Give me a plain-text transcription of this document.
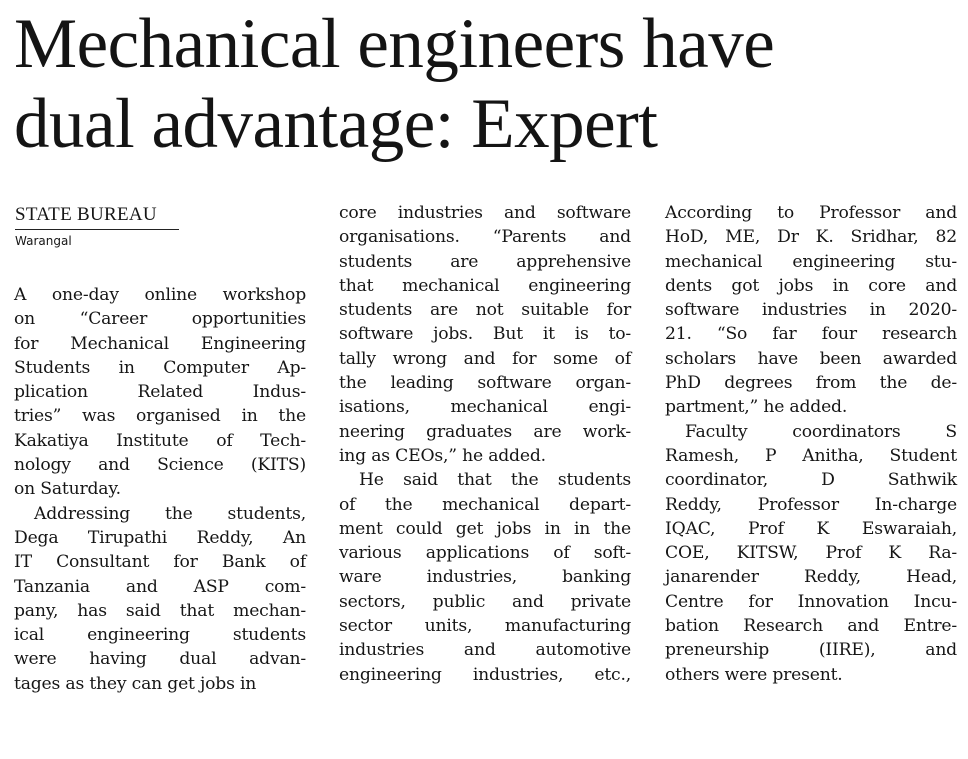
Mechanical engineers have
dual advantage: Expert
STATE BUREAU
Warangal
A one-day online workshop
on “Career opportunities
for Mechanical Engineering
Students in Computer Ap-
plication Related Indus-
tries” was organised in the
Kakatiya Institute of Tech-
nology and Science (KITS)
on Saturday.
Addressing the students,
Dega Tirupathi Reddy, An
IT Consultant for Bank of
Tanzania and ASP com-
pany, has said that mechan-
ical engineering students
were having dual advan-
tages as they can get jobs in
core industries and software
organisations. “Parents and
students are apprehensive
that mechanical engineering
students are not suitable for
software jobs. But it is to-
tally wrong and for some of
the leading software organ-
isations, mechanical engi-
neering graduates are work-
ing as CEOs,” he added.
He said that the students
of the mechanical depart-
ment could get jobs in in the
various applications of soft-
ware industries, banking
sectors, public and private
sector units, manufacturing
industries and automotive
engineering industries, etc.,
According to Professor and
HoD, ME, Dr K. Sridhar, 82
mechanical engineering stu-
dents got jobs in core and
software industries in 2020-
21. “So far four research
scholars have been awarded
PhD degrees from the de-
partment,” he added.
Faculty coordinators S
Ramesh, P Anitha, Student
coordinator, D Sathwik
Reddy, Professor In-charge
IQAC, Prof K Eswaraiah,
COE, KITSW, Prof K Ra-
janarender Reddy, Head,
Centre for Innovation Incu-
bation Research and Entre-
preneurship (IIRE), and
others were present.
